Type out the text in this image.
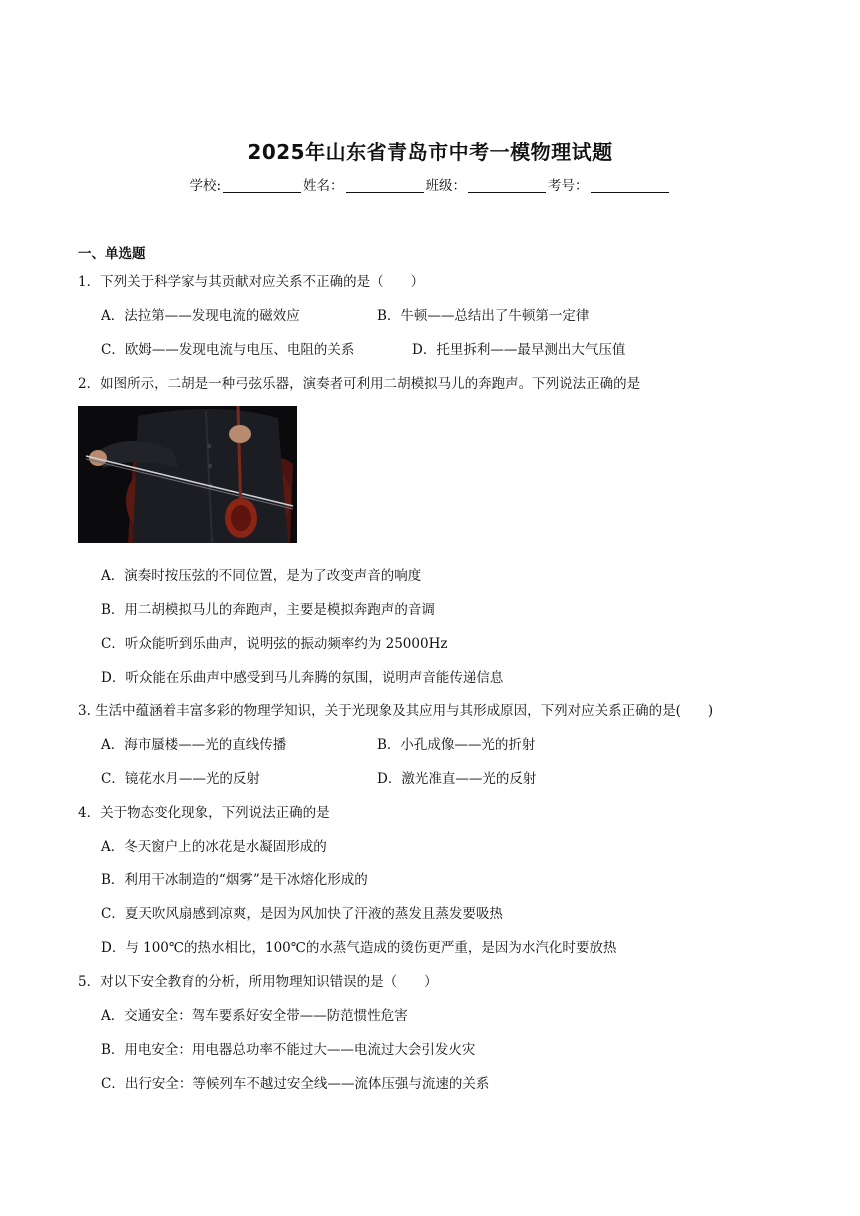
2025年山东省青岛市中考一模物理试题
学校:	姓名：	班级：	考号：
一、单选题
1．下列关于科学家与其贡献对应关系不正确的是（　　）
A．法拉第——发现电流的磁效应	B．牛顿——总结出了牛顿第一定律
C．欧姆——发现电流与电压、电阻的关系	D．托里拆利——最早测出大气压值
2．如图所示，二胡是一种弓弦乐器，演奏者可利用二胡模拟马儿的奔跑声。下列说法正确的是
A．演奏时按压弦的不同位置，是为了改变声音的响度
B．用二胡模拟马儿的奔跑声，主要是模拟奔跑声的音调
C．听众能听到乐曲声，说明弦的振动频率约为 25000Hz
D．听众能在乐曲声中感受到马儿奔腾的氛围，说明声音能传递信息
3. 生活中蕴涵着丰富多彩的物理学知识，关于光现象及其应用与其形成原因，下列对应关系正确的是(　　)
A．海市蜃楼——光的直线传播	B．小孔成像——光的折射
C．镜花水月——光的反射	D．激光准直——光的反射
4．关于物态变化现象，下列说法正确的是
A．冬天窗户上的冰花是水凝固形成的
B．利用干冰制造的“烟雾”是干冰熔化形成的
C．夏天吹风扇感到凉爽，是因为风加快了汗液的蒸发且蒸发要吸热
D．与 100℃的热水相比，100℃的水蒸气造成的烫伤更严重，是因为水汽化时要放热
5．对以下安全教育的分析，所用物理知识错误的是（　　）
A．交通安全：驾车要系好安全带——防范惯性危害
B．用电安全：用电器总功率不能过大——电流过大会引发火灾
C．出行安全：等候列车不越过安全线——流体压强与流速的关系
